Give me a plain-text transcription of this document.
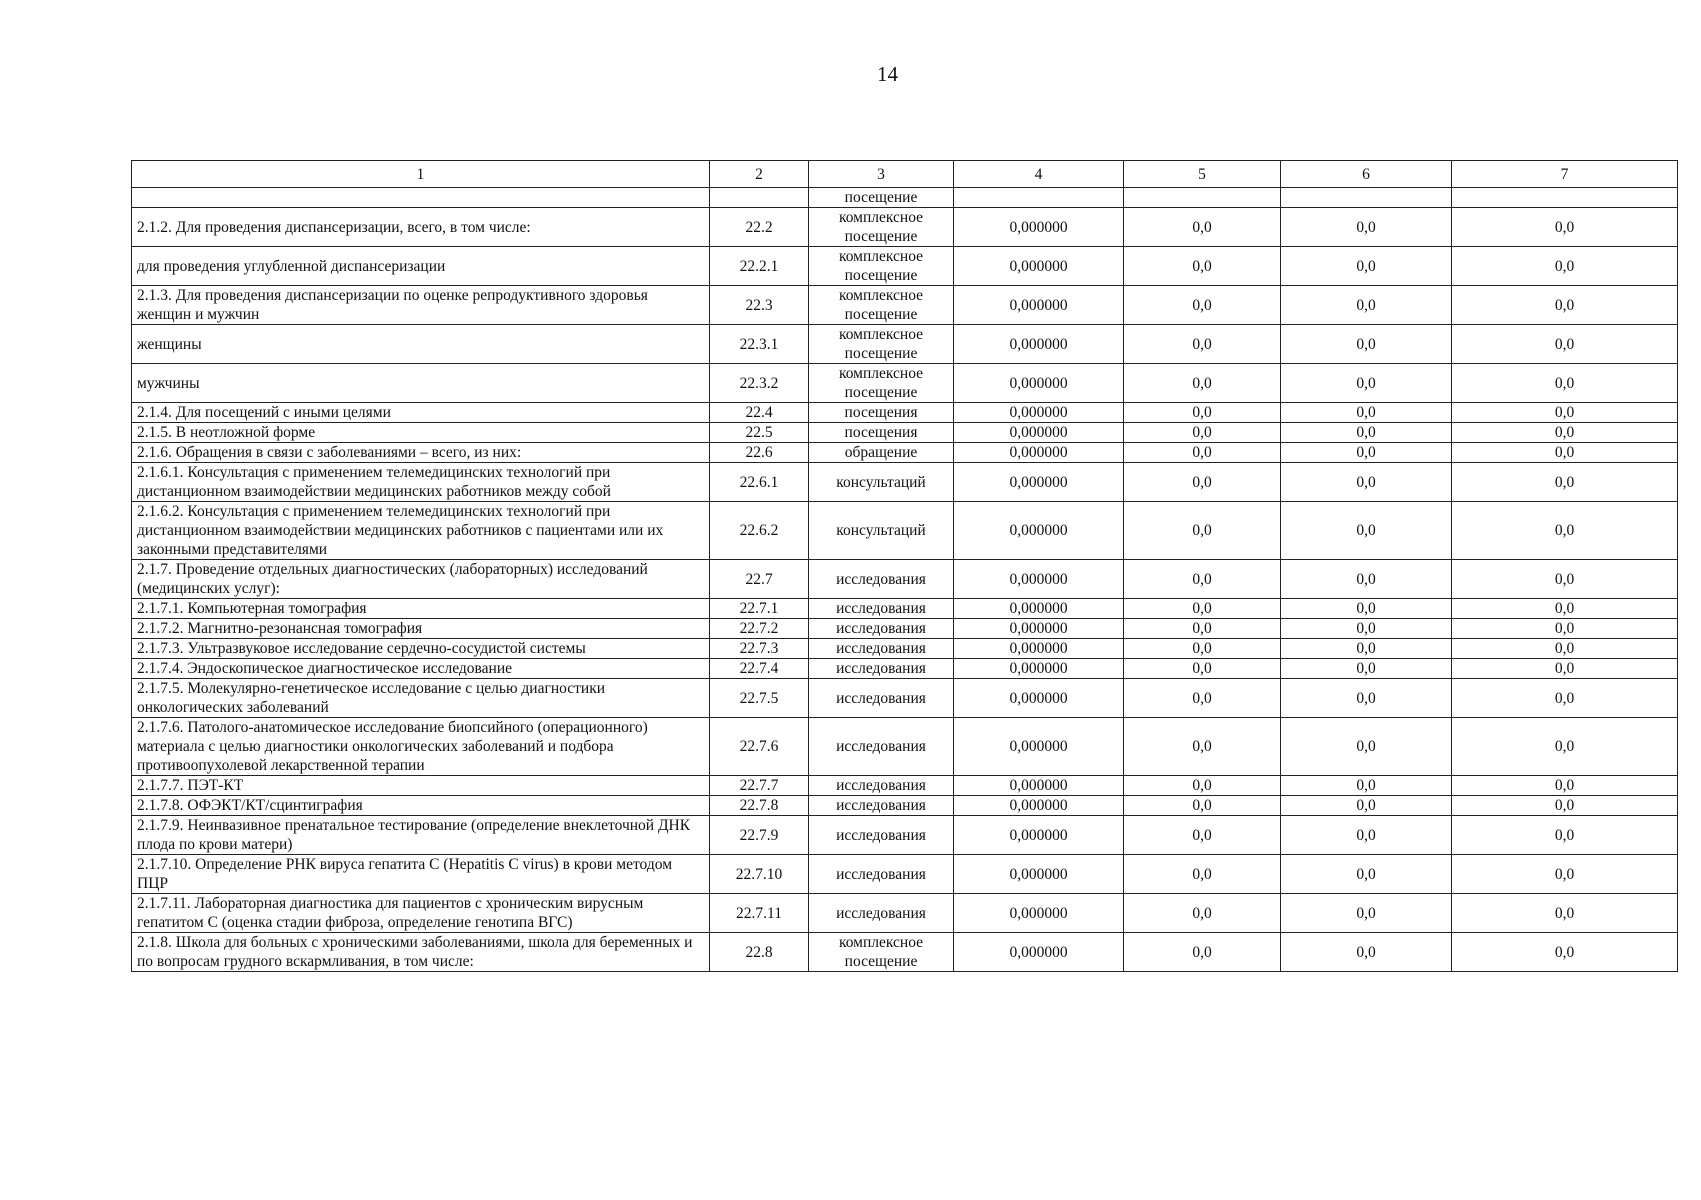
14
1	2	3	4	5	6	7
		посещение				
2.1.2. Для проведения диспансеризации, всего, в том числе:	22.2	комплексное посещение	0,000000	0,0	0,0	0,0
для проведения углубленной диспансеризации	22.2.1	комплексное посещение	0,000000	0,0	0,0	0,0
2.1.3. Для проведения диспансеризации по оценке репродуктивного здоровья женщин и мужчин	22.3	комплексное посещение	0,000000	0,0	0,0	0,0
женщины	22.3.1	комплексное посещение	0,000000	0,0	0,0	0,0
мужчины	22.3.2	комплексное посещение	0,000000	0,0	0,0	0,0
2.1.4. Для посещений с иными целями	22.4	посещения	0,000000	0,0	0,0	0,0
2.1.5. В неотложной форме	22.5	посещения	0,000000	0,0	0,0	0,0
2.1.6. Обращения в связи с заболеваниями – всего, из них:	22.6	обращение	0,000000	0,0	0,0	0,0
2.1.6.1. Консультация с применением телемедицинских технологий при дистанционном взаимодействии медицинских работников между собой	22.6.1	консультаций	0,000000	0,0	0,0	0,0
2.1.6.2. Консультация с применением телемедицинских технологий при дистанционном взаимодействии медицинских работников с пациентами или их законными представителями	22.6.2	консультаций	0,000000	0,0	0,0	0,0
2.1.7. Проведение отдельных диагностических (лабораторных) исследований (медицинских услуг):	22.7	исследования	0,000000	0,0	0,0	0,0
2.1.7.1. Компьютерная томография	22.7.1	исследования	0,000000	0,0	0,0	0,0
2.1.7.2. Магнитно-резонансная томография	22.7.2	исследования	0,000000	0,0	0,0	0,0
2.1.7.3. Ультразвуковое исследование сердечно-сосудистой системы	22.7.3	исследования	0,000000	0,0	0,0	0,0
2.1.7.4. Эндоскопическое диагностическое исследование	22.7.4	исследования	0,000000	0,0	0,0	0,0
2.1.7.5. Молекулярно-генетическое исследование с целью диагностики онкологических заболеваний	22.7.5	исследования	0,000000	0,0	0,0	0,0
2.1.7.6. Патолого-анатомическое исследование биопсийного (операционного) материала с целью диагностики онкологических заболеваний и подбора противоопухолевой лекарственной терапии	22.7.6	исследования	0,000000	0,0	0,0	0,0
2.1.7.7. ПЭТ-КТ	22.7.7	исследования	0,000000	0,0	0,0	0,0
2.1.7.8. ОФЭКТ/КТ/сцинтиграфия	22.7.8	исследования	0,000000	0,0	0,0	0,0
2.1.7.9. Неинвазивное пренатальное тестирование (определение внеклеточной ДНК плода по крови матери)	22.7.9	исследования	0,000000	0,0	0,0	0,0
2.1.7.10. Определение РНК вируса гепатита С (Hepatitis C virus) в крови методом ПЦР	22.7.10	исследования	0,000000	0,0	0,0	0,0
2.1.7.11. Лабораторная диагностика для пациентов с хроническим вирусным гепатитом С (оценка стадии фиброза, определение генотипа ВГС)	22.7.11	исследования	0,000000	0,0	0,0	0,0
2.1.8. Школа для больных с хроническими заболеваниями, школа для беременных и по вопросам грудного вскармливания, в том числе:	22.8	комплексное посещение	0,000000	0,0	0,0	0,0
